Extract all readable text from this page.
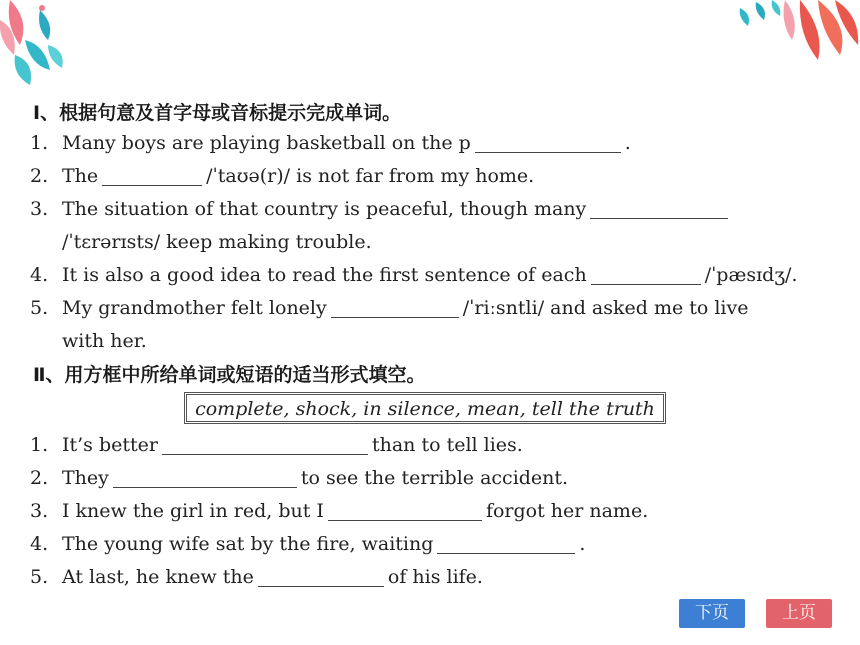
Ⅰ、根据句意及首字母或音标提示完成单词。
1. Many boys are playing basketball on the p	.
2. The	/ˈtaʊə(r)/ is not far from my home.
3. The situation of that country is peaceful, though many
/ˈtɛrərɪsts/ keep making trouble.
4. It is also a good idea to read the first sentence of each	/ˈpæsɪdʒ/.
5. My grandmother felt lonely	/ˈriːsntli/ and asked me to live
with her.
Ⅱ、用方框中所给单词或短语的适当形式填空。
complete, shock, in silence, mean, tell the truth
1. It’s better	than to tell lies.
2. They	to see the terrible accident.
3. I knew the girl in red, but I	forgot her name.
4. The young wife sat by the fire, waiting	.
5. At last, he knew the	of his life.
下页	上页
